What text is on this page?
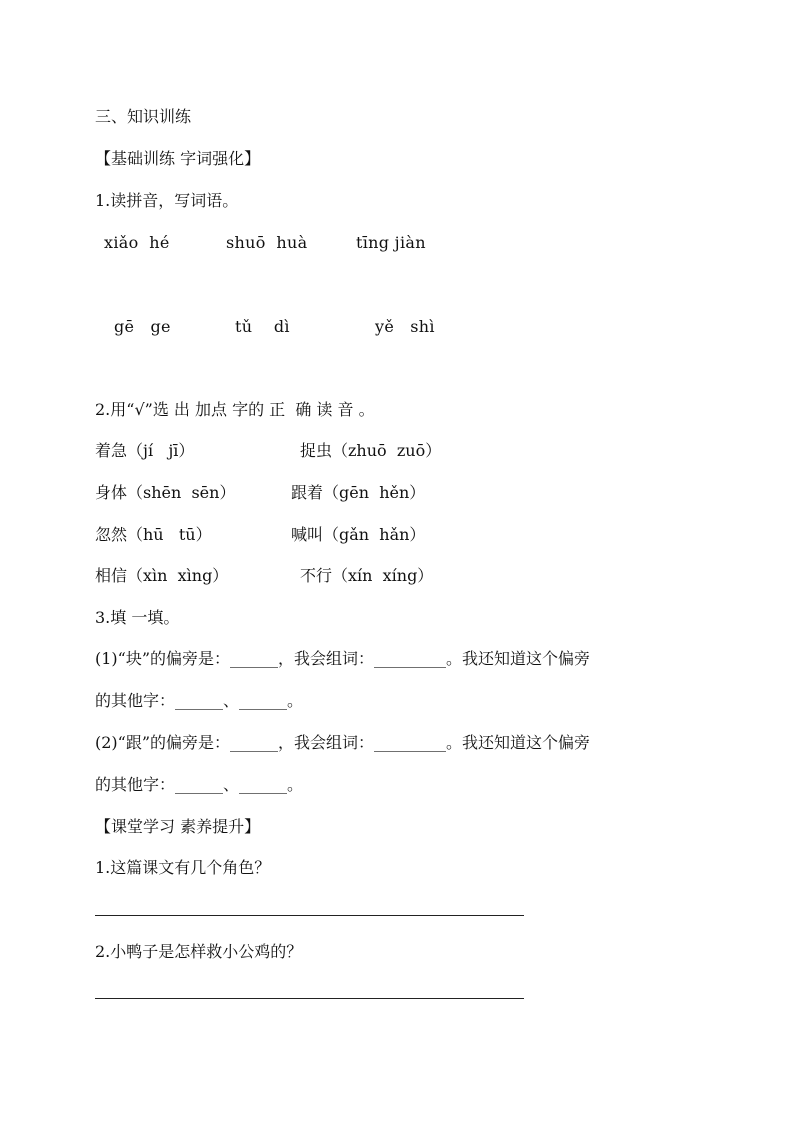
三、知识训练
【基础训练 字词强化】
1.读拼音，写词语。
xiǎo  hé	shuō  huà	tīng jiàn
gē   ge	tǔ    dì	yě   shì
2.用“√”选 出 加点 字的 正  确 读 音 。
着急（jí   jī）	捉虫（zhuō  zuō）
身体（shēn  sēn）	跟着（gēn  hěn）
忽然（hū   tū）	喊叫（gǎn  hǎn）
相信（xìn  xìng）	不行（xín  xíng）
3.填 一填。
(1)“块”的偏旁是：______，我会组词：_________。我还知道这个偏旁
的其他字：______、______。
(2)“跟”的偏旁是：______，我会组词：_________。我还知道这个偏旁
的其他字：______、______。
【课堂学习 素养提升】
1.这篇课文有几个角色？
2.小鸭子是怎样救小公鸡的？
